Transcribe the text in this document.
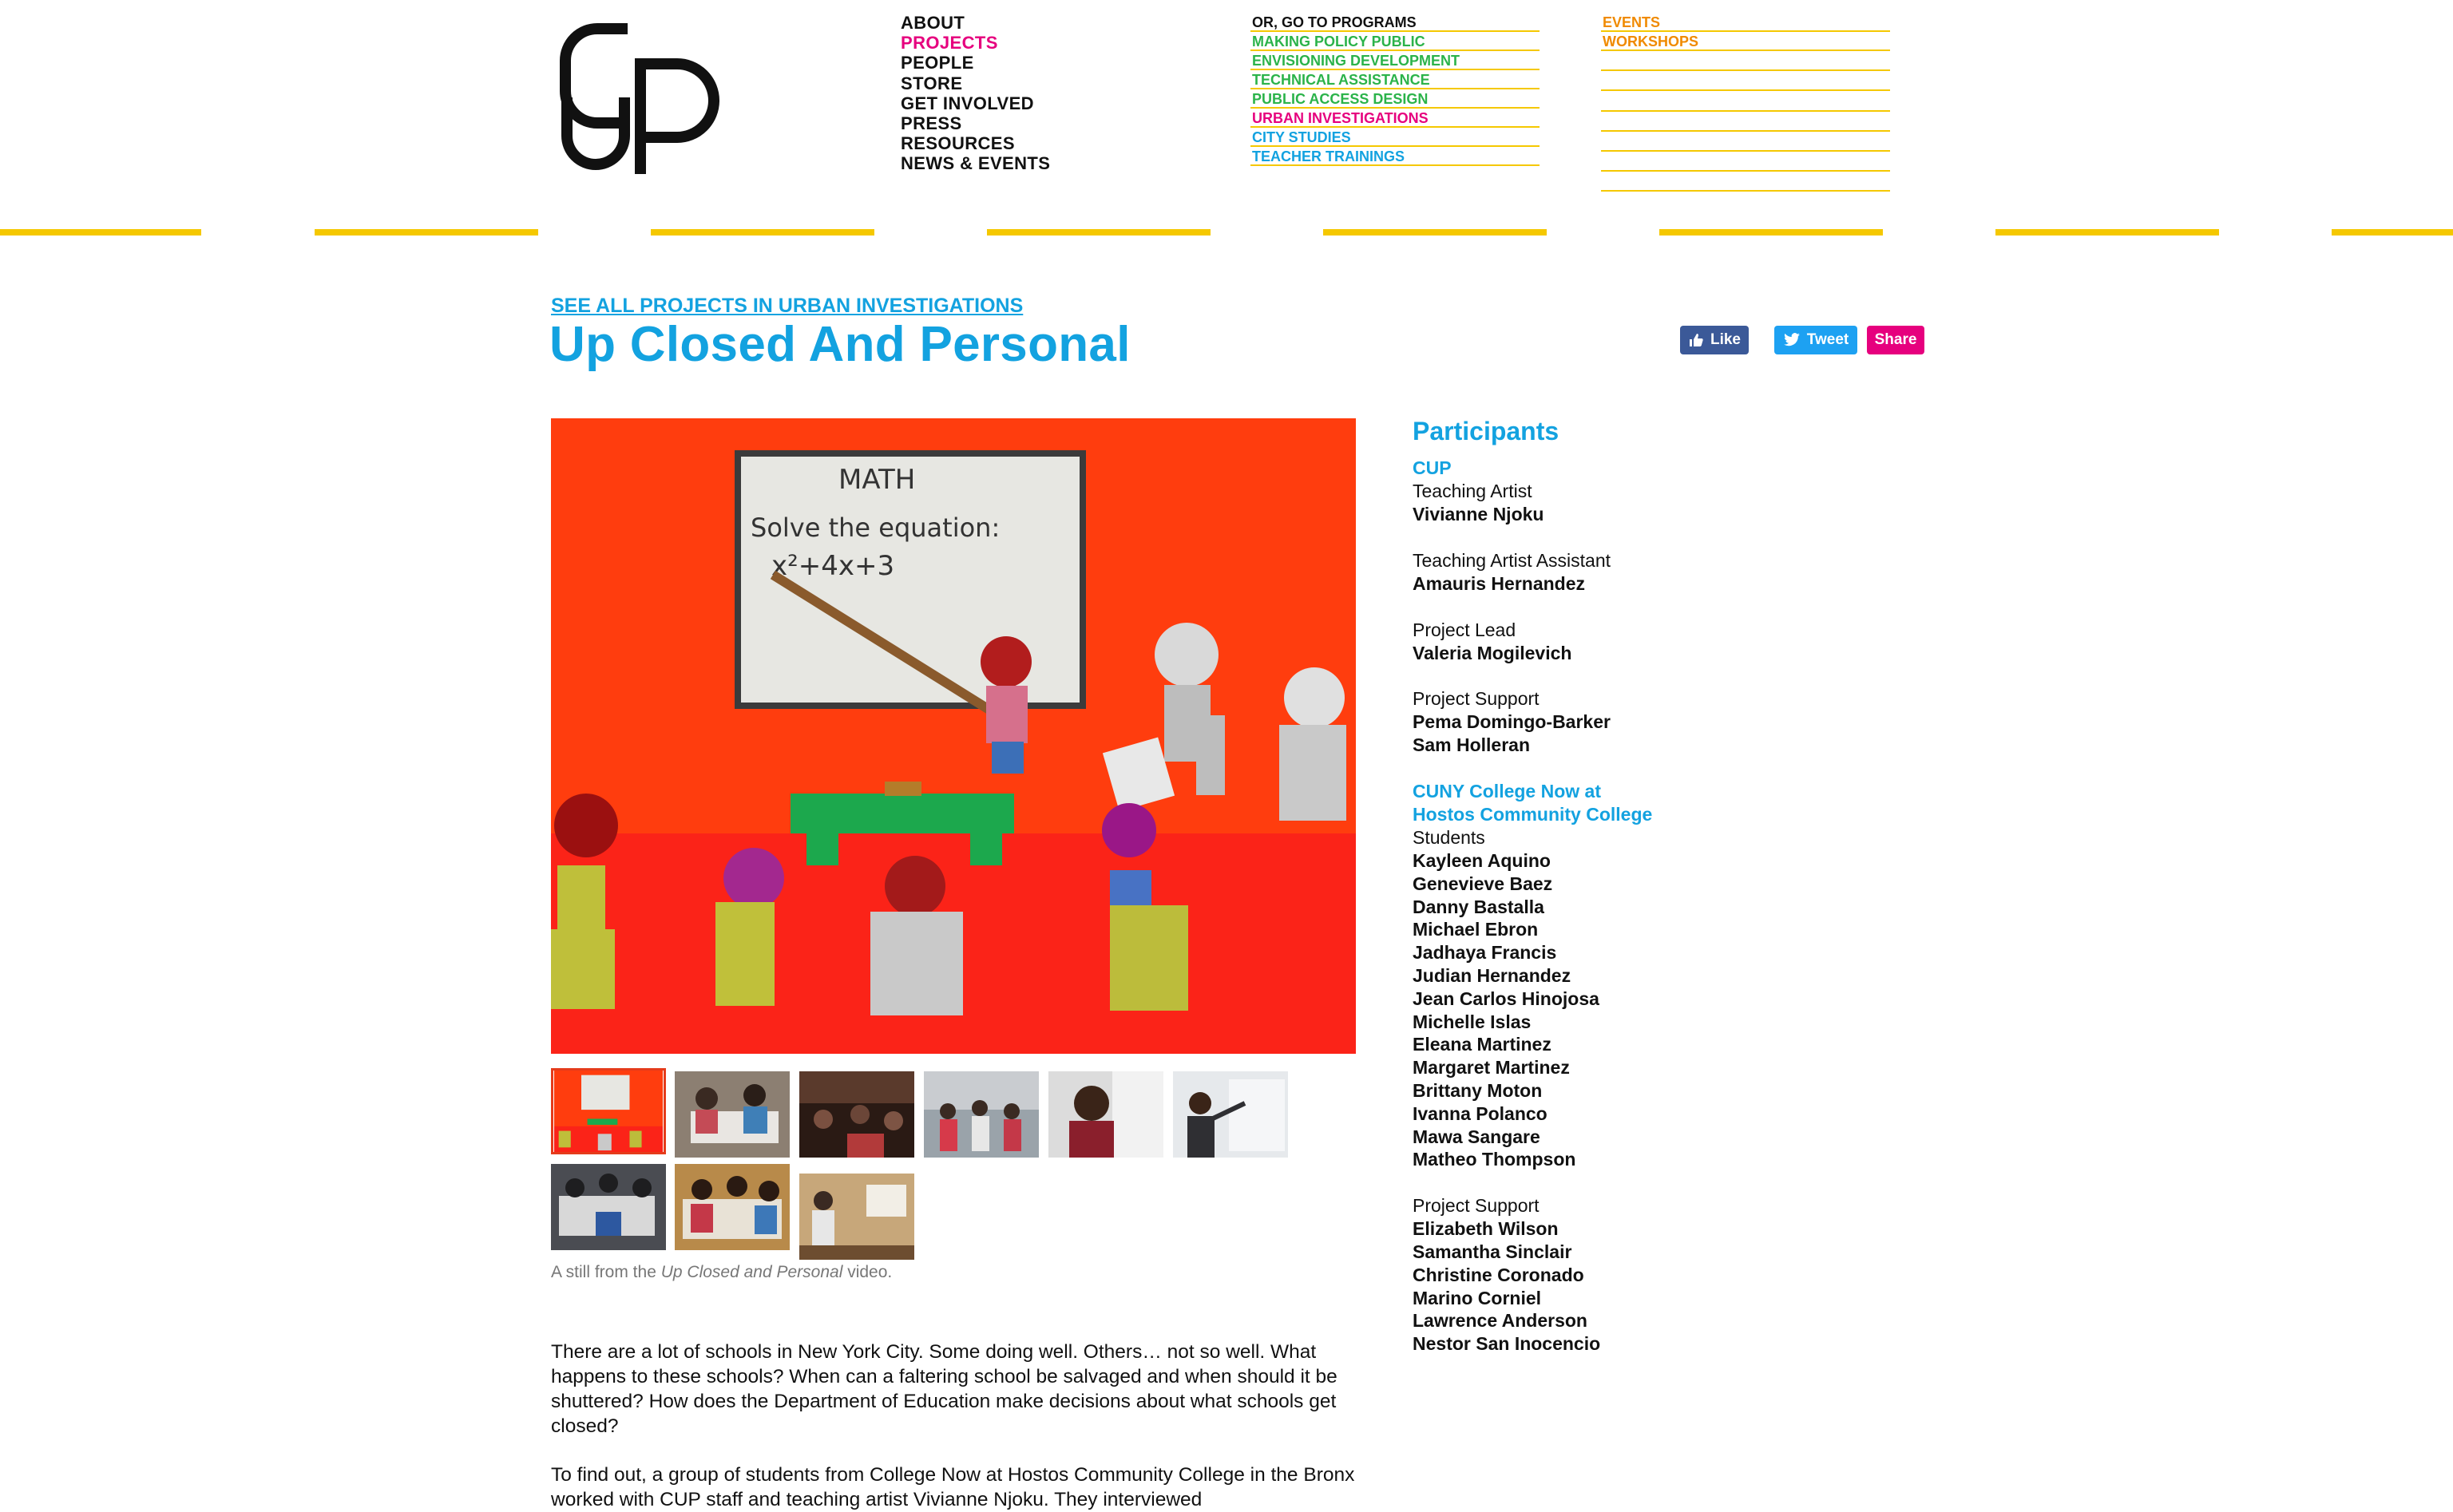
ABOUT
PROJECTS
PEOPLE
STORE
GET INVOLVED
PRESS
RESOURCES
NEWS & EVENTS
OR, GO TO PROGRAMS
MAKING POLICY PUBLIC
ENVISIONING DEVELOPMENT
TECHNICAL ASSISTANCE
PUBLIC ACCESS DESIGN
URBAN INVESTIGATIONS
CITY STUDIES
TEACHER TRAININGS
EVENTS
WORKSHOPS
SEE ALL PROJECTS IN URBAN INVESTIGATIONS
Up Closed And Personal	Like	Tweet Share
MATH
Solve the equation:
x²+4x+3
A still from the Up Closed and Personal video.

There are a lot of schools in New York City. Some doing well. Others… not so well. What happens to these schools? When can a faltering school be salvaged and when should it be shuttered? How does the Department of Education make decisions about what schools get closed?

To find out, a group of students from College Now at Hostos Community College in the Bronx worked with CUP staff and teaching artist Vivianne Njoku. They interviewed

Participants
CUP
Teaching Artist
Vivianne Njoku
Teaching Artist Assistant
Amauris Hernandez
Project Lead
Valeria Mogilevich
Project Support
Pema Domingo-Barker
Sam Holleran
CUNY College Now at Hostos Community College
Students
Kayleen Aquino
Genevieve Baez
Danny Bastalla
Michael Ebron
Jadhaya Francis
Judian Hernandez
Jean Carlos Hinojosa
Michelle Islas
Eleana Martinez
Margaret Martinez
Brittany Moton
Ivanna Polanco
Mawa Sangare
Matheo Thompson
Project Support
Elizabeth Wilson
Samantha Sinclair
Christine Coronado
Marino Corniel
Lawrence Anderson
Nestor San Inocencio
